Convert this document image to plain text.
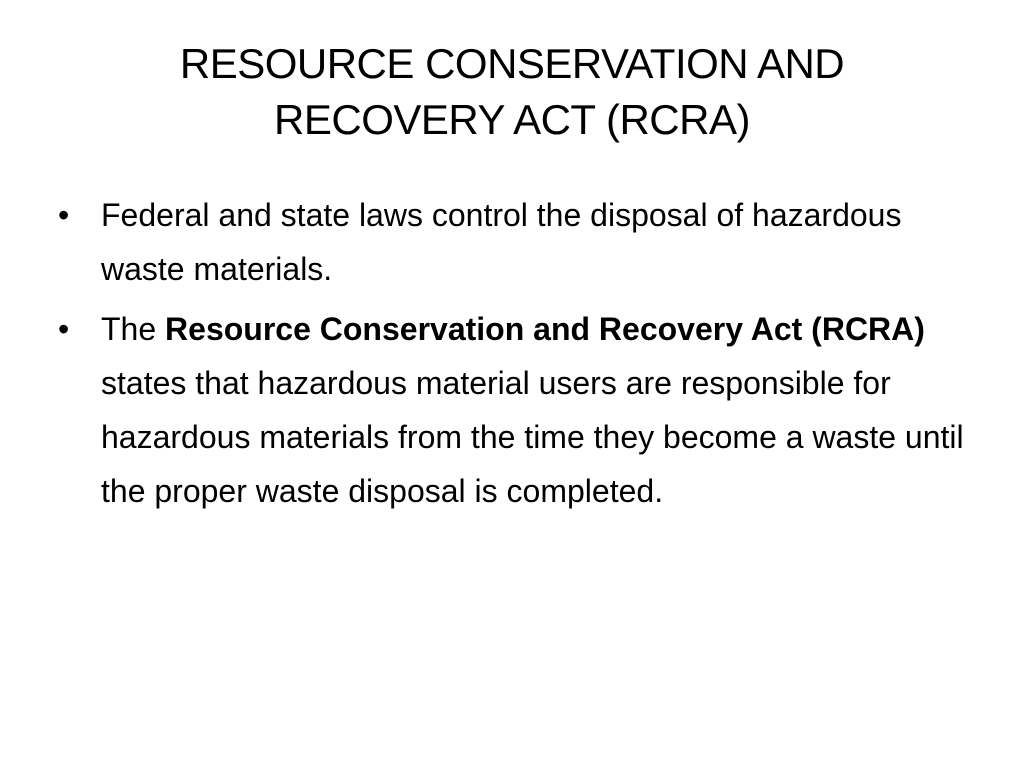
RESOURCE CONSERVATION AND
RECOVERY ACT (RCRA)
• Federal and state laws control the disposal of hazardous waste materials.
• The Resource Conservation and Recovery Act (RCRA) states that hazardous material users are responsible for hazardous materials from the time they become a waste until the proper waste disposal is completed.
